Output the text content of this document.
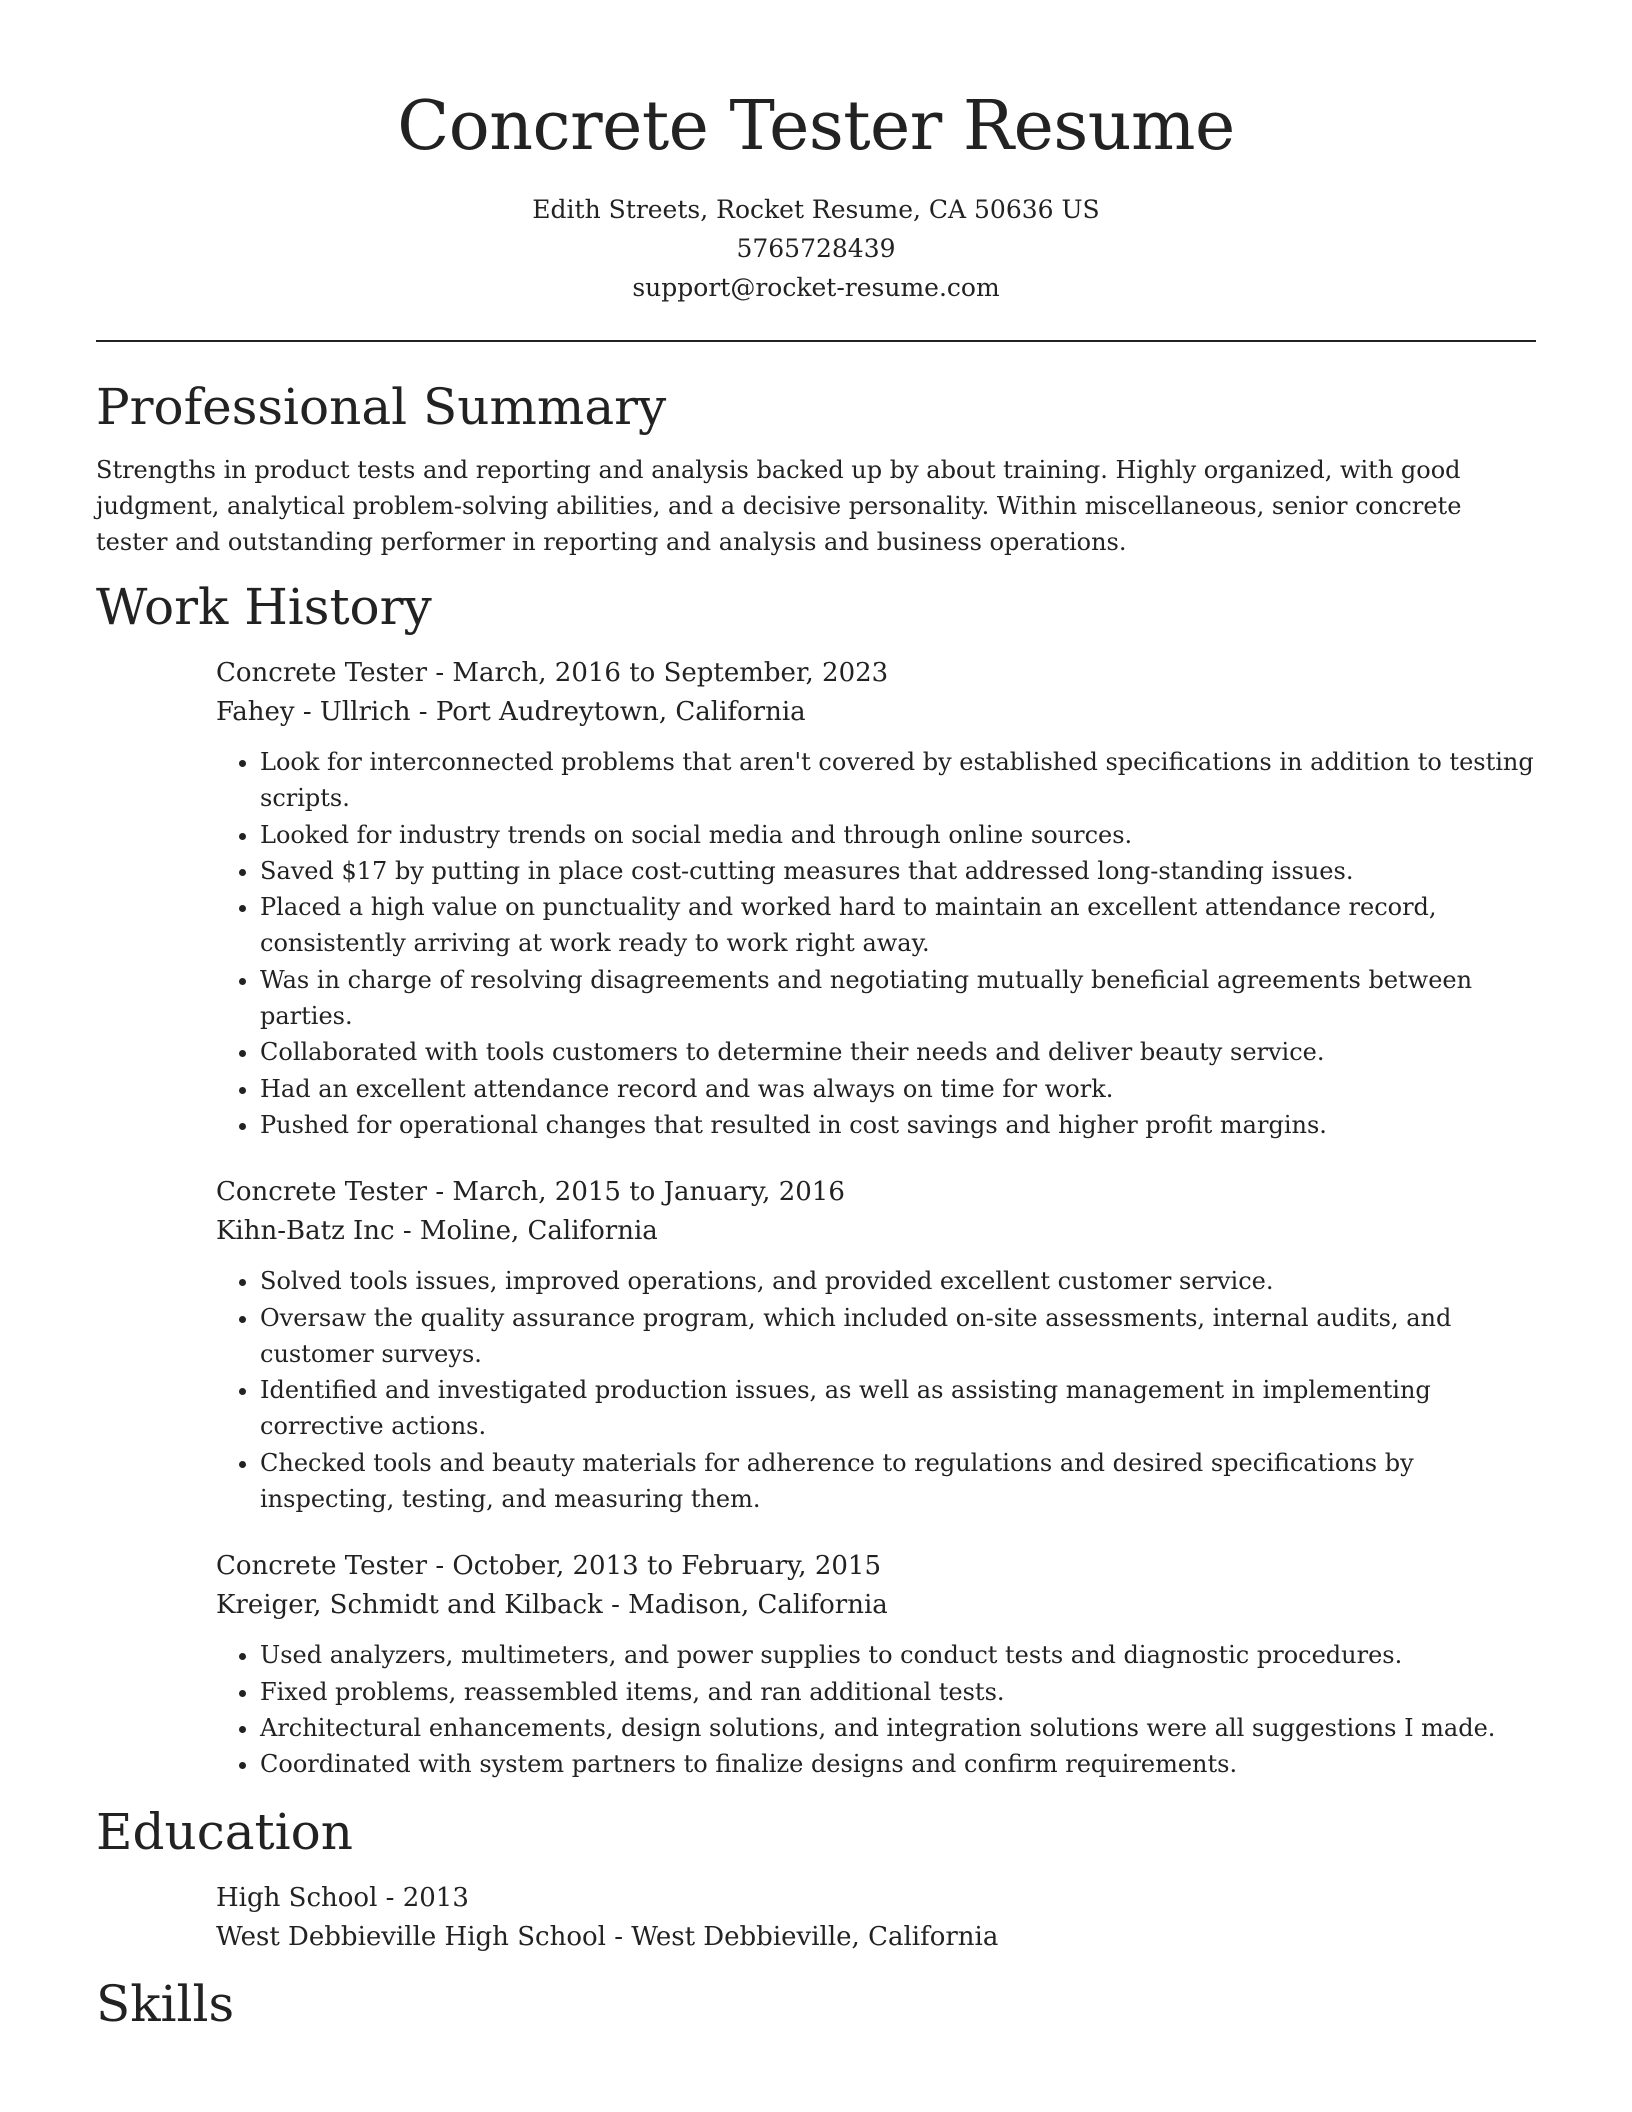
Concrete Tester Resume
Edith Streets, Rocket Resume, CA 50636 US
5765728439
support@rocket-resume.com
Professional Summary

Strengths in product tests and reporting and analysis backed up by about training. Highly organized, with good judgment, analytical problem-solving abilities, and a decisive personality. Within miscellaneous, senior concrete tester and outstanding performer in reporting and analysis and business operations.

Work History
Concrete Tester - March, 2016 to September, 2023
Fahey - Ullrich - Port Audreytown, California
• Look for interconnected problems that aren't covered by established specifications in addition to testing scripts.
• Looked for industry trends on social media and through online sources.
• Saved $17 by putting in place cost-cutting measures that addressed long-standing issues.
• Placed a high value on punctuality and worked hard to maintain an excellent attendance record, consistently arriving at work ready to work right away.
• Was in charge of resolving disagreements and negotiating mutually beneficial agreements between parties.
• Collaborated with tools customers to determine their needs and deliver beauty service.
• Had an excellent attendance record and was always on time for work.
• Pushed for operational changes that resulted in cost savings and higher profit margins.
Concrete Tester - March, 2015 to January, 2016
Kihn-Batz Inc - Moline, California
• Solved tools issues, improved operations, and provided excellent customer service.
• Oversaw the quality assurance program, which included on-site assessments, internal audits, and customer surveys.
• Identified and investigated production issues, as well as assisting management in implementing corrective actions.
• Checked tools and beauty materials for adherence to regulations and desired specifications by inspecting, testing, and measuring them.
Concrete Tester - October, 2013 to February, 2015
Kreiger, Schmidt and Kilback - Madison, California
• Used analyzers, multimeters, and power supplies to conduct tests and diagnostic procedures.
• Fixed problems, reassembled items, and ran additional tests.
• Architectural enhancements, design solutions, and integration solutions were all suggestions I made.
• Coordinated with system partners to finalize designs and confirm requirements.
Education
High School - 2013
West Debbieville High School - West Debbieville, California
Skills
